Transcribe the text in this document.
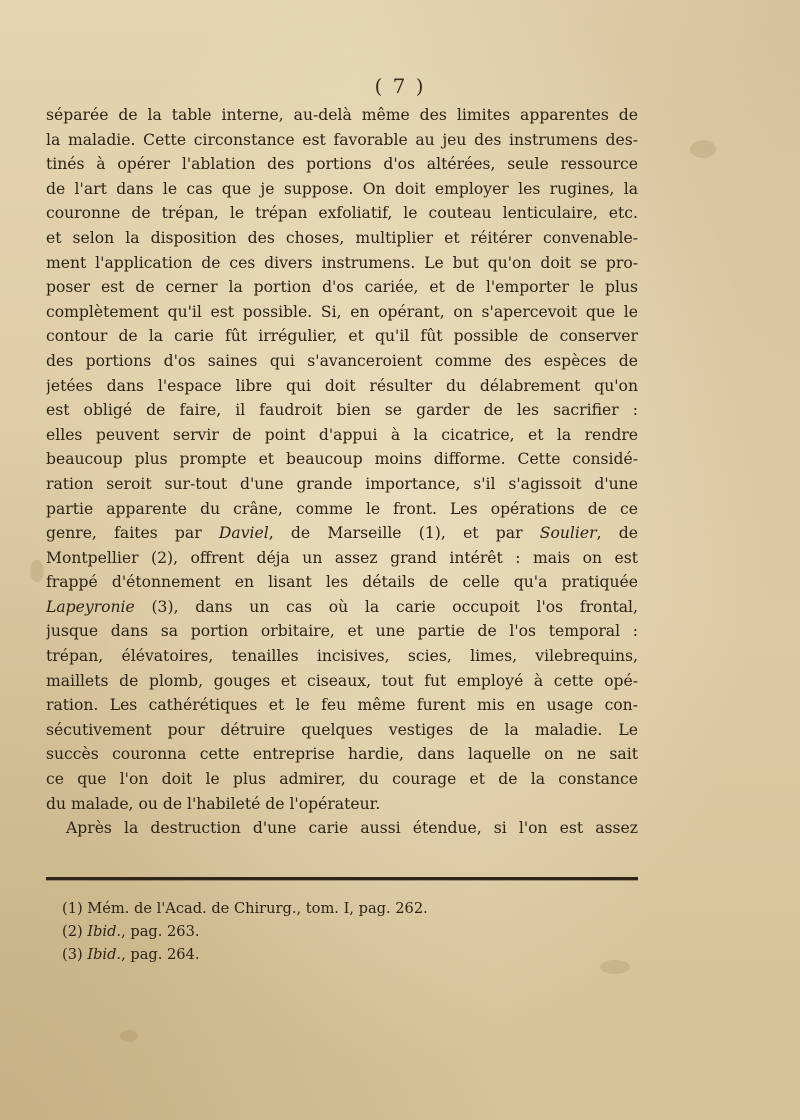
( 7 )
séparée de la table interne, au-delà même des limites apparentes de
la maladie. Cette circonstance est favorable au jeu des instrumens des-
tinés à opérer l'ablation des portions d'os altérées, seule ressource
de l'art dans le cas que je suppose. On doit employer les rugines, la
couronne de trépan, le trépan exfoliatif, le couteau lenticulaire, etc.
et selon la disposition des choses, multiplier et réitérer convenable-
ment l'application de ces divers instrumens. Le but qu'on doit se pro-
poser est de cerner la portion d'os cariée, et de l'emporter le plus
complètement qu'il est possible. Si, en opérant, on s'apercevoit que le
contour de la carie fût irrégulier, et qu'il fût possible de conserver
des portions d'os saines qui s'avanceroient comme des espèces de
jetées dans l'espace libre qui doit résulter du délabrement qu'on
est obligé de faire, il faudroit bien se garder de les sacrifier :
elles peuvent servir de point d'appui à la cicatrice, et la rendre
beaucoup plus prompte et beaucoup moins difforme. Cette considé-
ration seroit sur-tout d'une grande importance, s'il s'agissoit d'une
partie apparente du crâne, comme le front. Les opérations de ce
genre, faites par Daviel, de Marseille (1), et par Soulier, de
Montpellier (2), offrent déja un assez grand intérêt : mais on est
frappé d'étonnement en lisant les détails de celle qu'a pratiquée
Lapeyronie (3), dans un cas où la carie occupoit l'os frontal,
jusque dans sa portion orbitaire, et une partie de l'os temporal :
trépan, élévatoires, tenailles incisives, scies, limes, vilebrequins,
maillets de plomb, gouges et ciseaux, tout fut employé à cette opé-
ration. Les cathérétiques et le feu même furent mis en usage con-
sécutivement pour détruire quelques vestiges de la maladie. Le
succès couronna cette entreprise hardie, dans laquelle on ne sait
ce que l'on doit le plus admirer, du courage et de la constance
du malade, ou de l'habileté de l'opérateur.
Après la destruction d'une carie aussi étendue, si l'on est assez
(1) Mém. de l'Acad. de Chirurg., tom. I, pag. 262.
(2) Ibid., pag. 263.
(3) Ibid., pag. 264.
